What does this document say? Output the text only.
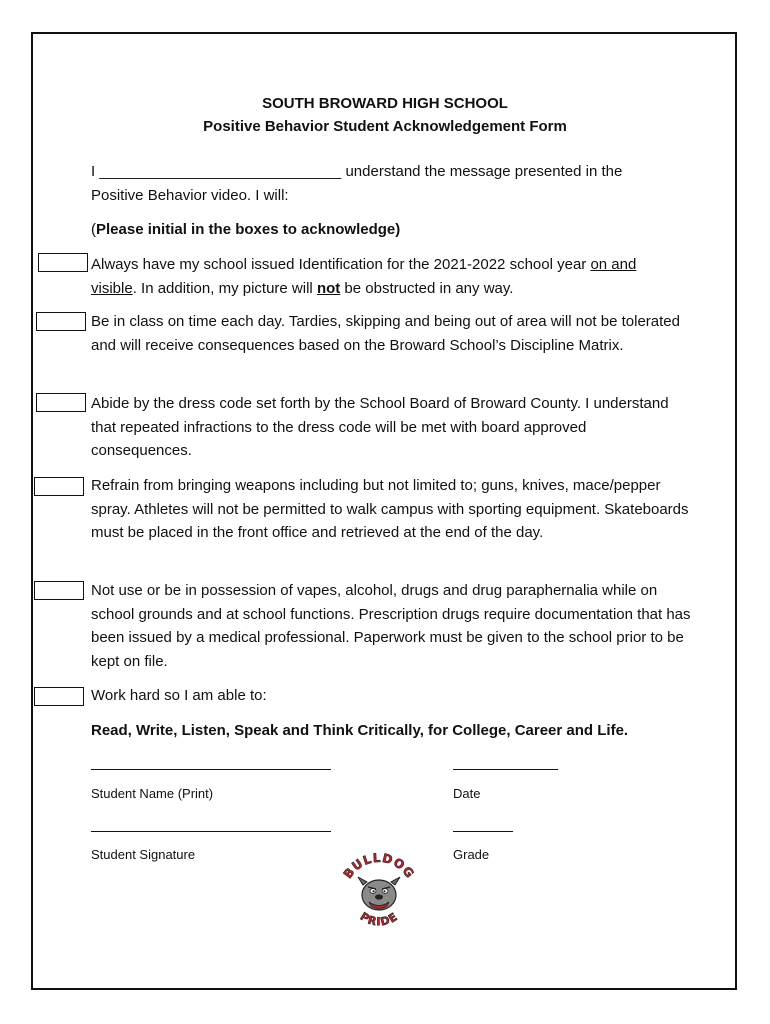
SOUTH BROWARD HIGH SCHOOL
Positive Behavior Student Acknowledgement Form
I _____________________________ understand the message presented in the
Positive Behavior video. I will:
(Please initial in the boxes to acknowledge)
Always have my school issued Identification for the 2021-2022 school year on and
visible. In addition, my picture will not be obstructed in any way.
Be in class on time each day. Tardies, skipping and being out of area will not be tolerated and will receive consequences based on the Broward School’s Discipline Matrix.
Abide by the dress code set forth by the School Board of Broward County. I understand that repeated infractions to the dress code will be met with board approved consequences.
Refrain from bringing weapons including but not limited to; guns, knives, mace/pepper spray. Athletes will not be permitted to walk campus with sporting equipment. Skateboards must be placed in the front office and retrieved at the end of the day.
Not use or be in possession of vapes, alcohol, drugs and drug paraphernalia while on school grounds and at school functions. Prescription drugs require documentation that has been issued by a medical professional. Paperwork must be given to the school prior to be kept on file.
Work hard so I am able to:
Read, Write, Listen, Speak and Think Critically, for College, Career and Life.
Student Name (Print)	Date
Student Signature	Grade
BULLDOG
PRIDE
